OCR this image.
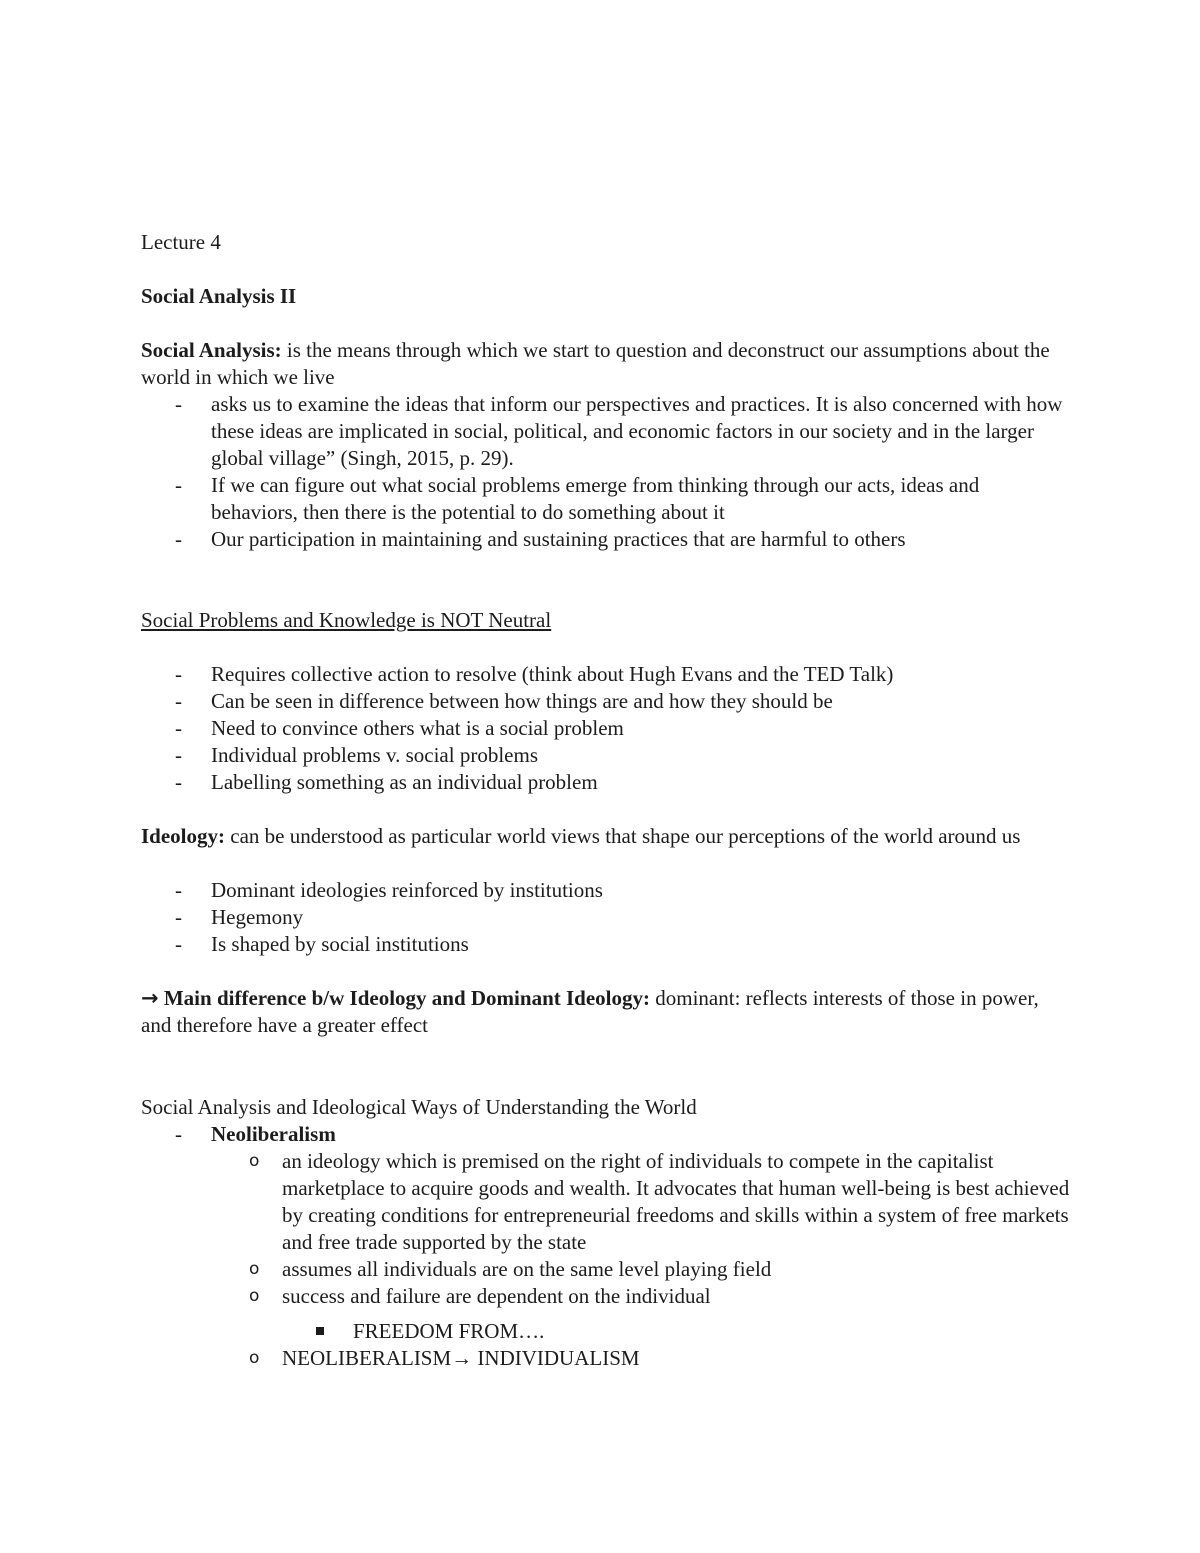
Lecture 4
Social Analysis II
Social Analysis: is the means through which we start to question and deconstruct our assumptions about the world in which we live
- asks us to examine the ideas that inform our perspectives and practices. It is also concerned with how these ideas are implicated in social, political, and economic factors in our society and in the larger global village” (Singh, 2015, p. 29).
- If we can figure out what social problems emerge from thinking through our acts, ideas and behaviors, then there is the potential to do something about it
- Our participation in maintaining and sustaining practices that are harmful to others
Social Problems and Knowledge is NOT Neutral
- Requires collective action to resolve (think about Hugh Evans and the TED Talk)
- Can be seen in difference between how things are and how they should be
- Need to convince others what is a social problem
- Individual problems v. social problems
- Labelling something as an individual problem
Ideology: can be understood as particular world views that shape our perceptions of the world around us
- Dominant ideologies reinforced by institutions
- Hegemony
- Is shaped by social institutions
→ Main difference b/w Ideology and Dominant Ideology: dominant: reflects interests of those in power, and therefore have a greater effect
Social Analysis and Ideological Ways of Understanding the World
- Neoliberalism
o an ideology which is premised on the right of individuals to compete in the capitalist marketplace to acquire goods and wealth. It advocates that human well-being is best achieved by creating conditions for entrepreneurial freedoms and skills within a system of free markets and free trade supported by the state
o assumes all individuals are on the same level playing field
o success and failure are dependent on the individual
FREEDOM FROM….
o NEOLIBERALISM→ INDIVIDUALISM
